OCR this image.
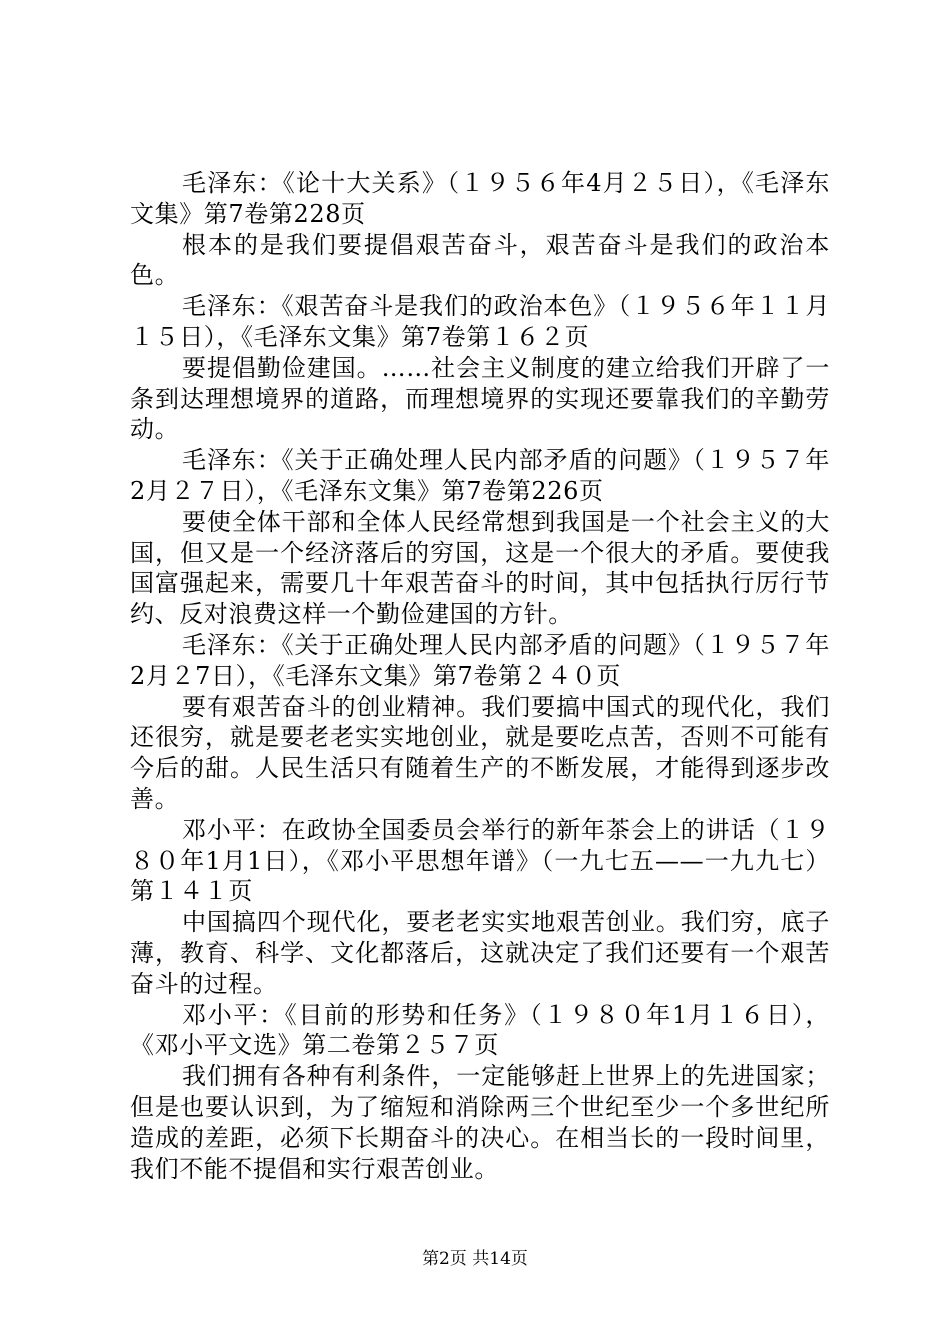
毛泽东：《论十大关系》（１９５６年4月２５日），《毛泽东文集》第7卷第228页

根本的是我们要提倡艰苦奋斗，艰苦奋斗是我们的政治本色。

毛泽东：《艰苦奋斗是我们的政治本色》（１９５６年１１月１５日），《毛泽东文集》第7卷第１６２页

要提倡勤俭建国。……社会主义制度的建立给我们开辟了一条到达理想境界的道路，而理想境界的实现还要靠我们的辛勤劳动。

毛泽东：《关于正确处理人民内部矛盾的问题》（１９５７年2月２７日），《毛泽东文集》第7卷第226页

要使全体干部和全体人民经常想到我国是一个社会主义的大国，但又是一个经济落后的穷国，这是一个很大的矛盾。要使我国富强起来，需要几十年艰苦奋斗的时间，其中包括执行厉行节约、反对浪费这样一个勤俭建国的方针。

毛泽东：《关于正确处理人民内部矛盾的问题》（１９５７年2月２7日），《毛泽东文集》第7卷第２４０页

要有艰苦奋斗的创业精神。我们要搞中国式的现代化，我们还很穷，就是要老老实实地创业，就是要吃点苦，否则不可能有今后的甜。人民生活只有随着生产的不断发展，才能得到逐步改善。

邓小平：在政协全国委员会举行的新年茶会上的讲话（１９８０年1月1日），《邓小平思想年谱》（一九七五——一九九七）第１４１页

中国搞四个现代化，要老老实实地艰苦创业。我们穷，底子薄，教育、科学、文化都落后，这就决定了我们还要有一个艰苦奋斗的过程。

邓小平：《目前的形势和任务》（１９８０年1月１６日），《邓小平文选》第二卷第２５７页

我们拥有各种有利条件，一定能够赶上世界上的先进国家；但是也要认识到，为了缩短和消除两三个世纪至少一个多世纪所造成的差距，必须下长期奋斗的决心。在相当长的一段时间里，我们不能不提倡和实行艰苦创业。

第2页 共14页
